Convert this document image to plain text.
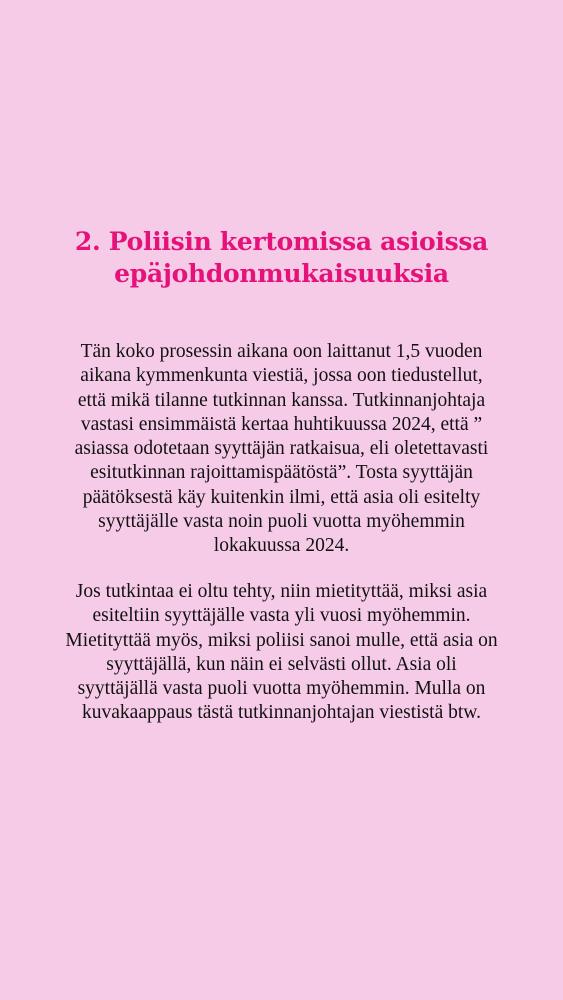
2. Poliisin kertomissa asioissa
epäjohdonmukaisuuksia
Tän koko prosessin aikana oon laittanut 1,5 vuoden
aikana kymmenkunta viestiä, jossa oon tiedustellut,
että mikä tilanne tutkinnan kanssa. Tutkinnanjohtaja
vastasi ensimmäistä kertaa huhtikuussa 2024, että ”
asiassa odotetaan syyttäjän ratkaisua, eli oletettavasti
esitutkinnan rajoittamispäätöstä”. Tosta syyttäjän
päätöksestä käy kuitenkin ilmi, että asia oli esitelty
syyttäjälle vasta noin puoli vuotta myöhemmin
lokakuussa 2024.
Jos tutkintaa ei oltu tehty, niin mietityttää, miksi asia
esiteltiin syyttäjälle vasta yli vuosi myöhemmin.
Mietityttää myös, miksi poliisi sanoi mulle, että asia on
syyttäjällä, kun näin ei selvästi ollut. Asia oli
syyttäjällä vasta puoli vuotta myöhemmin. Mulla on
kuvakaappaus tästä tutkinnanjohtajan viestistä btw.
